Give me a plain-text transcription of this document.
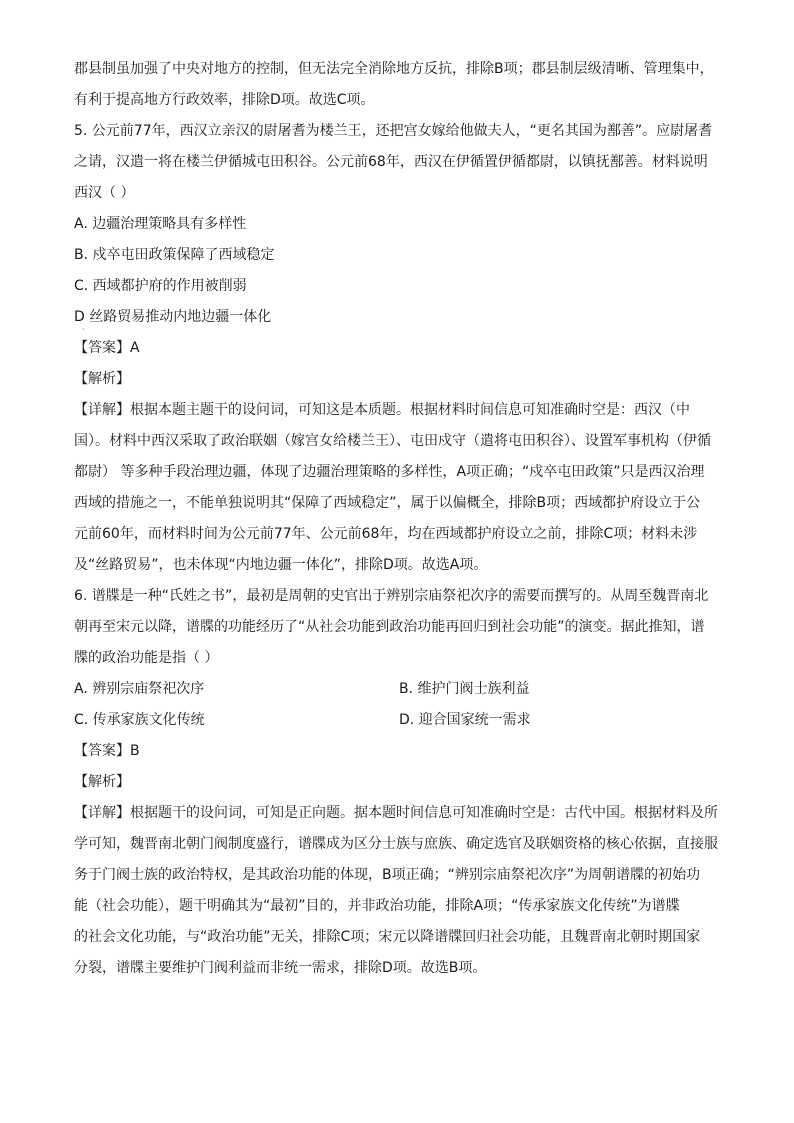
郡县制虽加强了中央对地方的控制，但无法完全消除地方反抗，排除B项；郡县制层级清晰、管理集中，

有利于提高地方行政效率，排除D项。故选C项。

5. 公元前77年，西汉立亲汉的尉屠耆为楼兰王，还把宫女嫁给他做夫人，“更名其国为鄯善”。应尉屠耆

之请，汉遣一将在楼兰伊循城屯田积谷。公元前68年，西汉在伊循置伊循都尉，以镇抚鄯善。材料说明

西汉（ ）

A. 边疆治理策略具有多样性

B. 戍卒屯田政策保障了西域稳定

C. 西域都护府的作用被削弱

D 丝路贸易推动内地边疆一体化

·

【答案】A

【解析】

【详解】根据本题主题干的设问词，可知这是本质题。根据材料时间信息可知准确时空是：西汉（中

国）。材料中西汉采取了政治联姻（嫁宫女给楼兰王）、屯田戍守（遣将屯田积谷）、设置军事机构（伊循

都尉） 等多种手段治理边疆，体现了边疆治理策略的多样性，A项正确；“戍卒屯田政策”只是西汉治理

西域的措施之一，不能单独说明其“保障了西域稳定”，属于以偏概全，排除B项；西域都护府设立于公

元前60年，而材料时间为公元前77年、公元前68年，均在西域都护府设立之前，排除C项；材料未涉

及“丝路贸易”，也未体现“内地边疆一体化”，排除D项。故选A项。

6. 谱牒是一种“氏姓之书”，最初是周朝的史官出于辨别宗庙祭祀次序的需要而撰写的。从周至魏晋南北

朝再至宋元以降，谱牒的功能经历了“从社会功能到政治功能再回归到社会功能”的演变。据此推知，谱

牒的政治功能是指（ ）

A. 辨别宗庙祭祀次序	B. 维护门阀士族利益
C. 传承家族文化传统	D. 迎合国家统一需求

【答案】B

【解析】

【详解】根据题干的设问词，可知是正向题。据本题时间信息可知准确时空是：古代中国。根据材料及所

学可知，魏晋南北朝门阀制度盛行，谱牒成为区分士族与庶族、确定选官及联姻资格的核心依据，直接服

务于门阀士族的政治特权，是其政治功能的体现，B项正确；“辨别宗庙祭祀次序”为周朝谱牒的初始功

能（社会功能），题干明确其为“最初”目的，并非政治功能，排除A项；“传承家族文化传统”为谱牒

的社会文化功能，与“政治功能”无关，排除C项；宋元以降谱牒回归社会功能，且魏晋南北朝时期国家

分裂，谱牒主要维护门阀利益而非统一需求，排除D项。故选B项。
